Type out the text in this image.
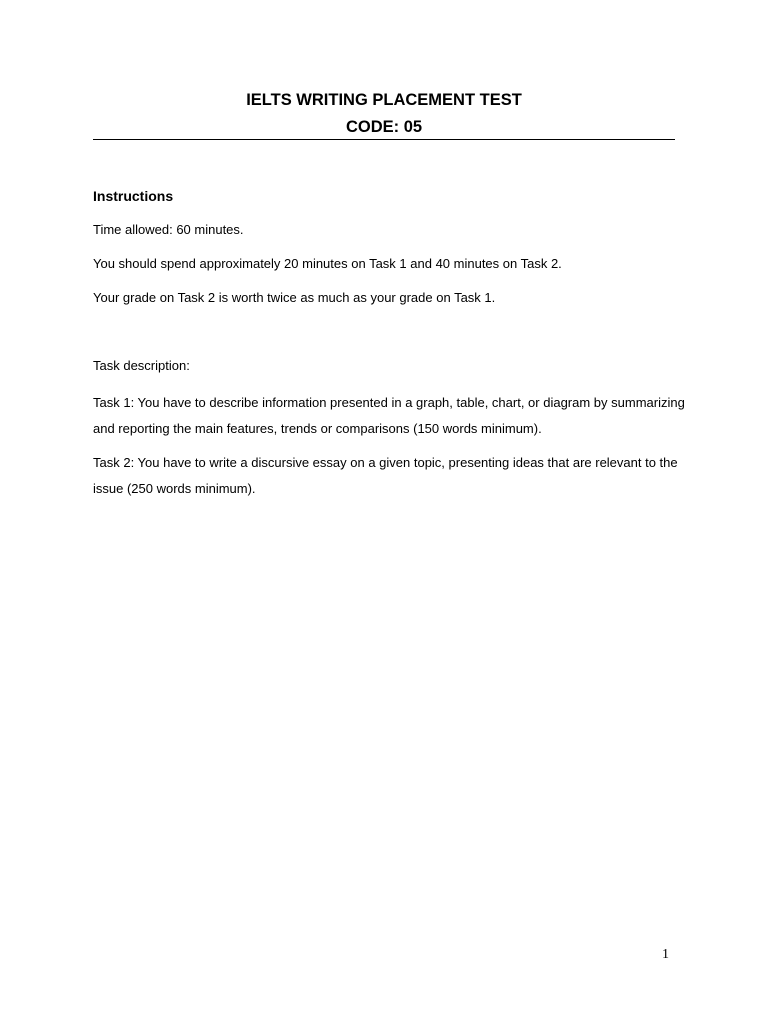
IELTS WRITING PLACEMENT TEST

CODE: 05

Instructions

Time allowed: 60 minutes.

You should spend approximately 20 minutes on Task 1 and 40 minutes on Task 2.

Your grade on Task 2 is worth twice as much as your grade on Task 1.

Task description:

Task 1: You have to describe information presented in a graph, table, chart, or diagram by summarizing and reporting the main features, trends or comparisons (150 words minimum).

Task 2: You have to write a discursive essay on a given topic, presenting ideas that are relevant to the issue (250 words minimum).

1
